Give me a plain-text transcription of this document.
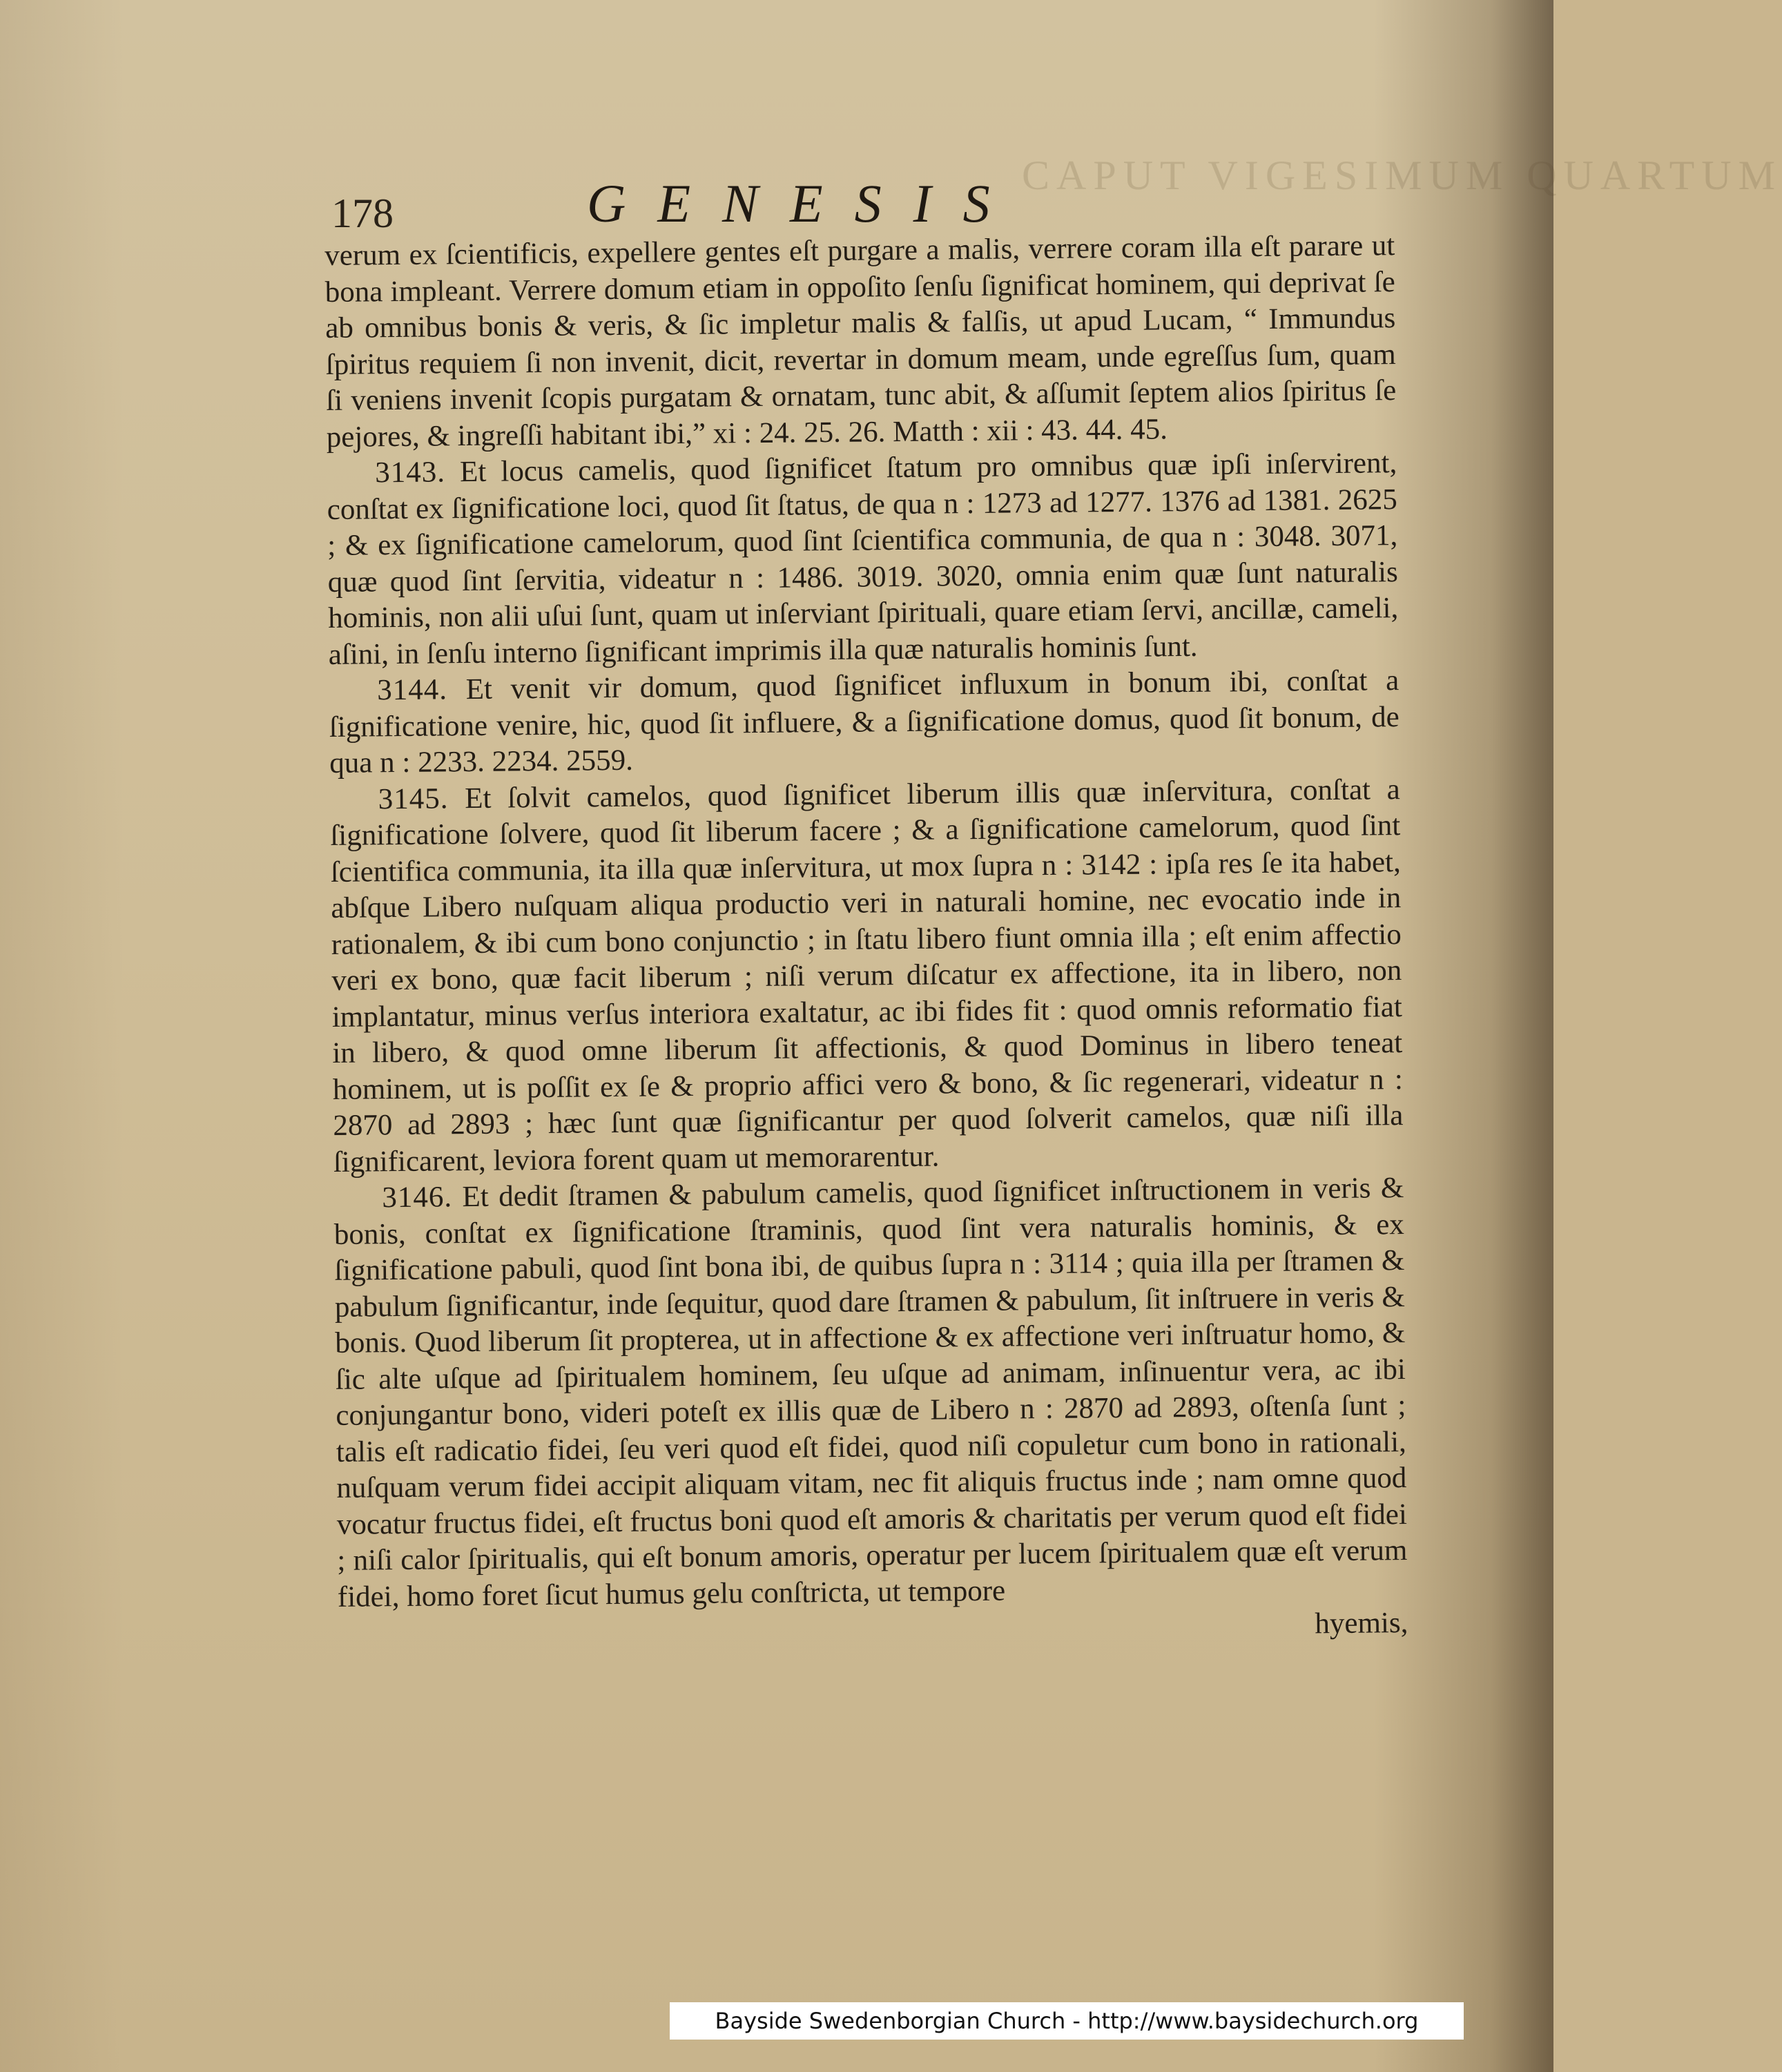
CAPUT VIGESIMUM QUARTUM
178	GENESIS

verum ex ſcientificis, expellere gentes eſt purgare a malis, verrere coram illa eſt parare ut bona impleant. Verrere domum etiam in oppoſito ſenſu ſignificat hominem, qui deprivat ſe ab omnibus bonis & veris, & ſic impletur malis & falſis, ut apud Lucam, “ Immundus ſpiritus requiem ſi non invenit, dicit, revertar in domum meam, unde egreſſus ſum, quam ſi veniens invenit ſcopis purgatam & ornatam, tunc abit, & aſſumit ſeptem alios ſpiritus ſe pejores, & ingreſſi habitant ibi,” xi : 24. 25. 26. Matth : xii : 43. 44. 45.

3143. Et locus camelis, quod ſignificet ſtatum pro omnibus quæ ipſi inſervirent, conſtat ex ſignificatione loci, quod ſit ſtatus, de qua n : 1273 ad 1277. 1376 ad 1381. 2625 ; & ex ſignificatione camelorum, quod ſint ſcientifica communia, de qua n : 3048. 3071, quæ quod ſint ſervitia, videatur n : 1486. 3019. 3020, omnia enim quæ ſunt naturalis hominis, non alii uſui ſunt, quam ut inſerviant ſpirituali, quare etiam ſervi, ancillæ, cameli, aſini, in ſenſu interno ſignificant imprimis illa quæ naturalis hominis ſunt.

3144. Et venit vir domum, quod ſignificet influxum in bonum ibi, conſtat a ſignificatione venire, hic, quod ſit influere, & a ſignificatione domus, quod ſit bonum, de qua n : 2233. 2234. 2559.

3145. Et ſolvit camelos, quod ſignificet liberum illis quæ inſervitura, conſtat a ſignificatione ſolvere, quod ſit liberum facere ; & a ſignificatione camelorum, quod ſint ſcientifica communia, ita illa quæ inſervitura, ut mox ſupra n : 3142 : ipſa res ſe ita habet, abſque Libero nuſquam aliqua productio veri in naturali homine, nec evocatio inde in rationalem, & ibi cum bono conjunctio ; in ſtatu libero fiunt omnia illa ; eſt enim affectio veri ex bono, quæ facit liberum ; niſi verum diſcatur ex affectione, ita in libero, non implantatur, minus verſus interiora exaltatur, ac ibi fides fit : quod omnis reformatio fiat in libero, & quod omne liberum ſit affectionis, & quod Dominus in libero teneat hominem, ut is poſſit ex ſe & proprio affici vero & bono, & ſic regenerari, videatur n : 2870 ad 2893 ; hæc ſunt quæ ſignificantur per quod ſolverit camelos, quæ niſi illa ſignificarent, leviora forent quam ut memorarentur.

3146. Et dedit ſtramen & pabulum camelis, quod ſignificet inſtructionem in veris & bonis, conſtat ex ſignificatione ſtraminis, quod ſint vera naturalis hominis, & ex ſignificatione pabuli, quod ſint bona ibi, de quibus ſupra n : 3114 ; quia illa per ſtramen & pabulum ſignificantur, inde ſequitur, quod dare ſtramen & pabulum, ſit inſtruere in veris & bonis. Quod liberum ſit propterea, ut in affectione & ex affectione veri inſtruatur homo, & ſic alte uſque ad ſpiritualem hominem, ſeu uſque ad animam, inſinuentur vera, ac ibi conjungantur bono, videri poteſt ex illis quæ de Libero n : 2870 ad 2893, oſtenſa ſunt ; talis eſt radicatio fidei, ſeu veri quod eſt fidei, quod niſi copuletur cum bono in rationali, nuſquam verum fidei accipit aliquam vitam, nec fit aliquis fructus inde ; nam omne quod vocatur fructus fidei, eſt fructus boni quod eſt amoris & charitatis per verum quod eſt fidei ; niſi calor ſpiritualis, qui eſt bonum amoris, operatur per lucem ſpiritualem quæ eſt verum fidei, homo foret ſicut humus gelu conſtricta, ut tempore

hyemis,

Bayside Swedenborgian Church - http://www.baysidechurch.org
